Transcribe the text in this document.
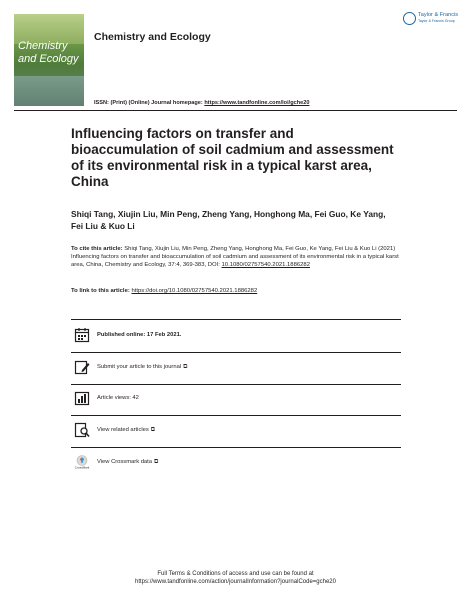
Chemistry
and Ecology
Chemistry and Ecology
Taylor & Francis
Taylor & Francis Group
ISSN: (Print) (Online) Journal homepage: https://www.tandfonline.com/loi/gche20
Influencing factors on transfer and bioaccumulation of soil cadmium and assessment of its environmental risk in a typical karst area, China
Shiqi Tang, Xiujin Liu, Min Peng, Zheng Yang, Honghong Ma, Fei Guo, Ke Yang, Fei Liu & Kuo Li
To cite this article: Shiqi Tang, Xiujin Liu, Min Peng, Zheng Yang, Honghong Ma, Fei Guo, Ke Yang, Fei Liu & Kuo Li (2021) Influencing factors on transfer and bioaccumulation of soil cadmium and assessment of its environmental risk in a typical karst area, China, Chemistry and Ecology, 37:4, 369-383, DOI: 10.1080/02757540.2021.1886282
To link to this article: https://doi.org/10.1080/02757540.2021.1886282
Published online: 17 Feb 2021.
Submit your article to this journal ⧉
Article views: 42
View related articles ⧉
CrossMark
View Crossmark data ⧉
Full Terms & Conditions of access and use can be found at
https://www.tandfonline.com/action/journalInformation?journalCode=gche20
